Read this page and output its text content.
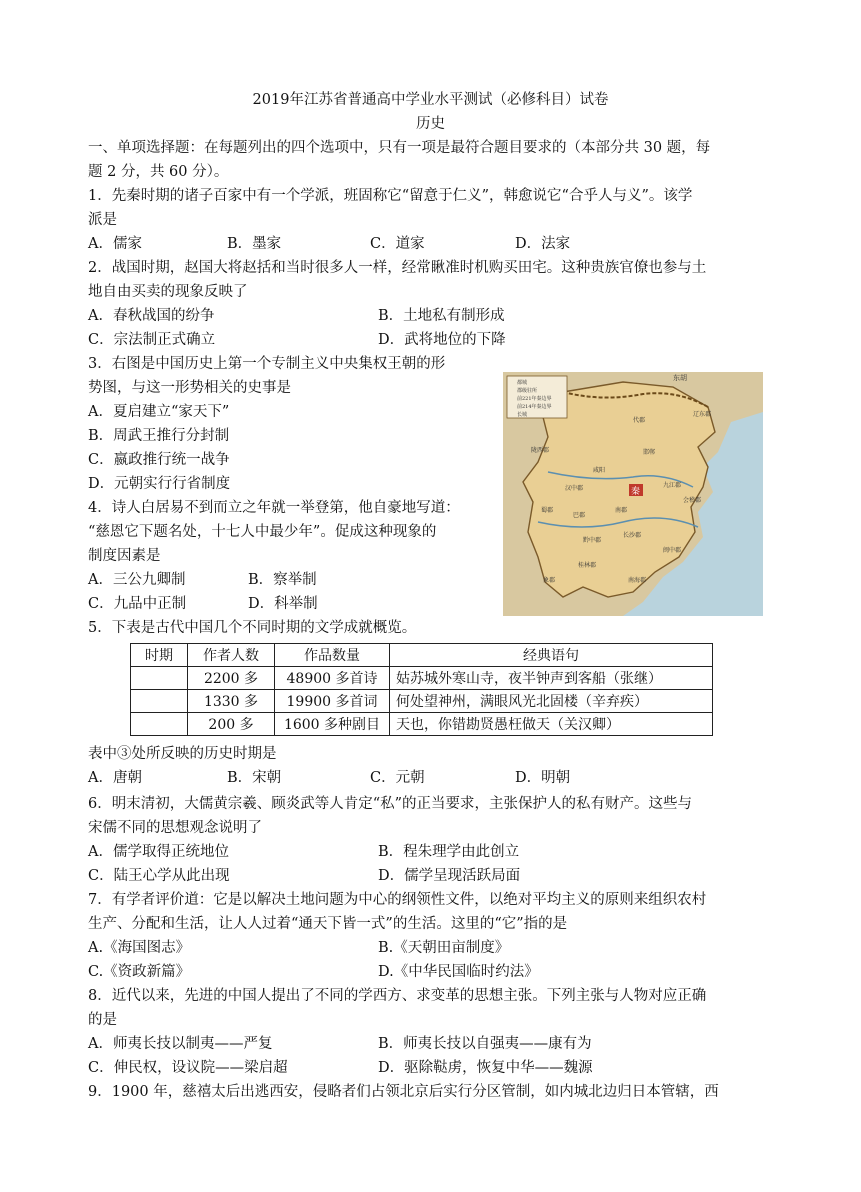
2019年江苏省普通高中学业水平测试（必修科目）试卷
历史
一、单项选择题：在每题列出的四个选项中，只有一项是最符合题目要求的（本部分共 30 题，每
题 2 分，共 60 分）。
1．先秦时期的诸子百家中有一个学派，班固称它“留意于仁义”，韩愈说它“合乎人与义”。该学
派是
A．儒家	B．墨家	C．道家	D．法家
2．战国时期，赵国大将赵括和当时很多人一样，经常瞅准时机购买田宅。这种贵族官僚也参与土
地自由买卖的现象反映了
A．春秋战国的纷争	B．土地私有制形成
C．宗法制正式确立	D．武将地位的下降
3．右图是中国历史上第一个专制主义中央集权王朝的形
势图，与这一形势相关的史事是
A．夏启建立“家天下”
B．周武王推行分封制
C．嬴政推行统一战争
D．元朝实行行省制度
4．诗人白居易不到而立之年就一举登第，他自豪地写道：
“慈恩它下题名处，十七人中最少年”。促成这种现象的
制度因素是
A．三公九卿制	B．察举制
C．九品中正制	D．科举制
都城
郡级驻所
前221年秦边界
前214年秦边界
长城
秦
东胡
辽东郡
代郡
邯郸
咸阳
陇西郡
蜀郡
巴郡
长沙郡
会稽郡
南海郡
桂林郡
象郡
闽中郡
黔中郡
九江郡
南郡
汉中郡
5．下表是古代中国几个不同时期的文学成就概览。
时期	作者人数	作品数量	经典语句
	2200 多	48900 多首诗	姑苏城外寒山寺，夜半钟声到客船（张继）
	1330 多	19900 多首词	何处望神州，满眼风光北固楼（辛弃疾）
	200 多	1600 多种剧目	天也，你错勘贤愚枉做天（关汉卿）
表中③处所反映的历史时期是
A．唐朝	B．宋朝	C．元朝	D．明朝
6．明末清初，大儒黄宗羲、顾炎武等人肯定“私”的正当要求，主张保护人的私有财产。这些与
宋儒不同的思想观念说明了
A．儒学取得正统地位	B．程朱理学由此创立
C．陆王心学从此出现	D．儒学呈现活跃局面
7．有学者评价道：它是以解决土地问题为中心的纲领性文件，以绝对平均主义的原则来组织农村
生产、分配和生活，让人人过着“通天下皆一式”的生活。这里的“它”指的是
A.《海国图志》	B.《天朝田亩制度》
C.《资政新篇》	D.《中华民国临时约法》
8．近代以来，先进的中国人提出了不同的学西方、求变革的思想主张。下列主张与人物对应正确
的是
A．师夷长技以制夷——严复	B．师夷长技以自强夷——康有为
C．伸民权，设议院——梁启超	D．驱除鞑虏，恢复中华——魏源
9．1900 年，慈禧太后出逃西安，侵略者们占领北京后实行分区管制，如内城北边归日本管辖，西
